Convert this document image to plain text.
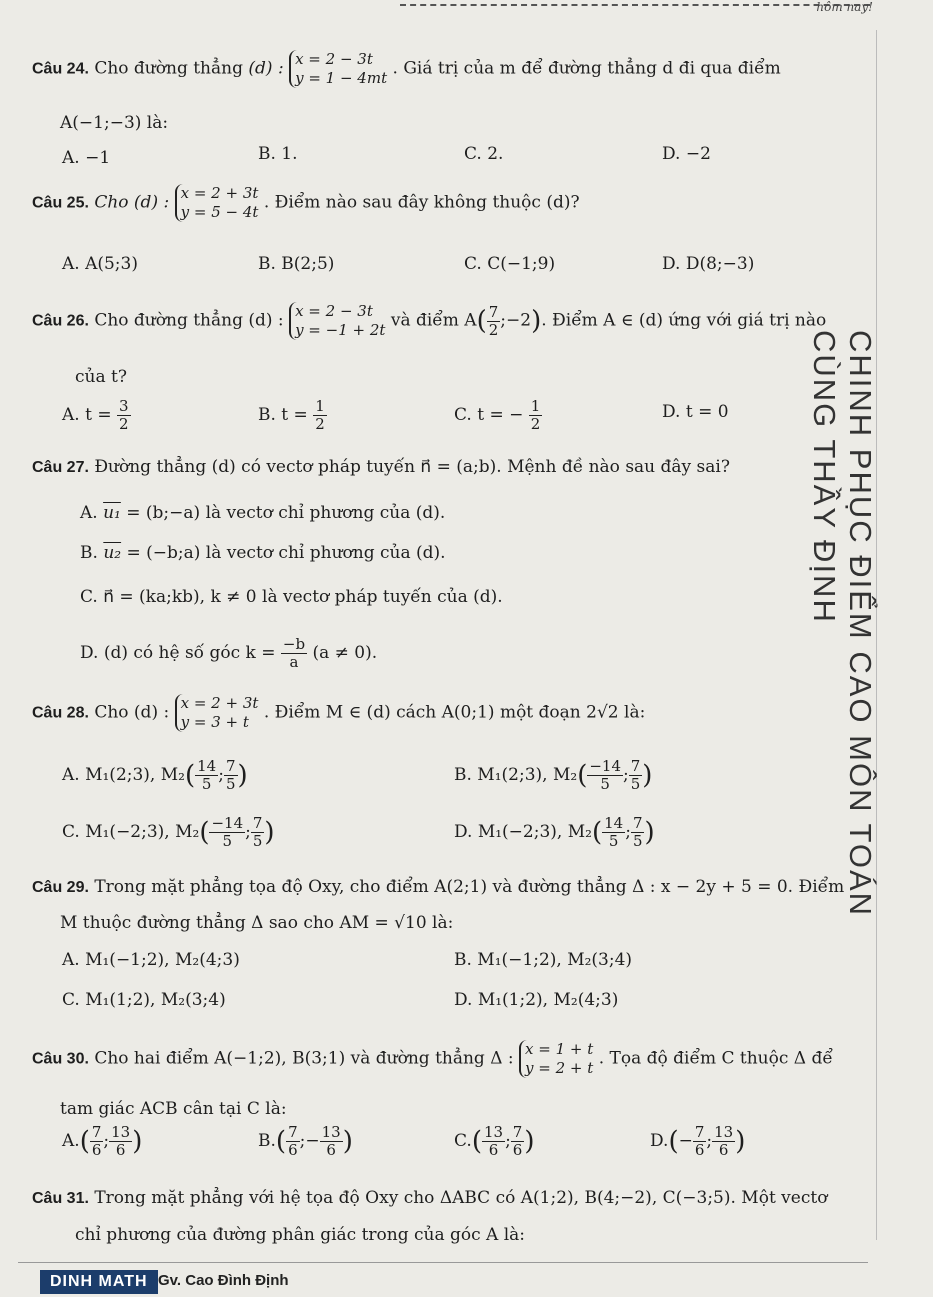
hôm nay!
Câu 24. Cho đường thẳng (d) : x = 2 − 3t
y = 1 − 4mt . Giá trị của m để đường thẳng d đi qua điểm
A(−1;−3) là:
A. −1	B. 1.	C. 2.	D. −2
Câu 25. Cho (d) : x = 2 + 3t
y = 5 − 4t . Điểm nào sau đây không thuộc (d)?
A. A(5;3)	B. B(2;5)	C. C(−1;9)	D. D(8;−3)
Câu 26. Cho đường thẳng (d) : x = 2 − 3t
y = −1 + 2t và điểm $A( \frac{7}{2}$ ;−2). Điểm A ∈ (d) ứng với giá trị nào
của t?
A. $t = \frac{3}{2}$	B. $t = \frac{1}{2}$	C. t = − $\frac{1}{2}$	D. t = 0
Câu 27. Đường thẳng (d) có vectơ pháp tuyến n⃗ = (a;b). Mệnh đề nào sau đây sai?
A. u₁ = (b;−a) là vectơ chỉ phương của (d).
B. u₂ = (−b;a) là vectơ chỉ phương của (d).
C. n⃗ = (ka;kb), k ≠ 0 là vectơ pháp tuyến của (d).
D. (d) có hệ số góc $k = \frac{-b}{a} (a \ne 0)$.
Câu 28. Cho (d) : x = 2 + 3t
y = 3 + t . Điểm M ∈ (d) cách A(0;1) một đoạn 2√2 là:
A. M₁(2;3), $M_2( \frac{14}{5}$ ; $\frac{7}{5}$ )	B. M₁(2;3), $M_2( \frac{-14}{5}$ ; $\frac{7}{5}$ )
C. M₁(−2;3), $M_2( \frac{-14}{5}$ ; $\frac{7}{5}$ )	D. M₁(−2;3), $M_2( \frac{14}{5}$ ; $\frac{7}{5}$ )
Câu 29. Trong mặt phẳng tọa độ Oxy, cho điểm A(2;1) và đường thẳng Δ : x − 2y + 5 = 0. Điểm
M thuộc đường thẳng Δ sao cho AM = √10 là:
A. M₁(−1;2), M₂(4;3)	B. M₁(−1;2), M₂(3;4)
C. M₁(1;2), M₂(3;4)	D. M₁(1;2), M₂(4;3)
Câu 30. Cho hai điểm A(−1;2), B(3;1) và đường thẳng Δ : x = 1 + t
y = 2 + t . Tọa độ điểm C thuộc Δ để
tam giác ACB cân tại C là:
$A.( \frac{7}{6}$ ; $\frac{13}{6}$ )	$B.( \frac{7}{6}$ ;− $\frac{13}{6}$ )	$C.( \frac{13}{6}$ ; $\frac{7}{6}$ )	$D.(- \frac{7}{6}$ ; $\frac{13}{6}$ )
Câu 31. Trong mặt phẳng với hệ tọa độ Oxy cho ΔABC có A(1;2), B(4;−2), C(−3;5). Một vectơ
chỉ phương của đường phân giác trong của góc A là:
CHINH PHỤC ĐIỂM CAO MÔN TOÁN CÙNG THẦY ĐỊNH
DINH MATH Gv. Cao Đình Định
